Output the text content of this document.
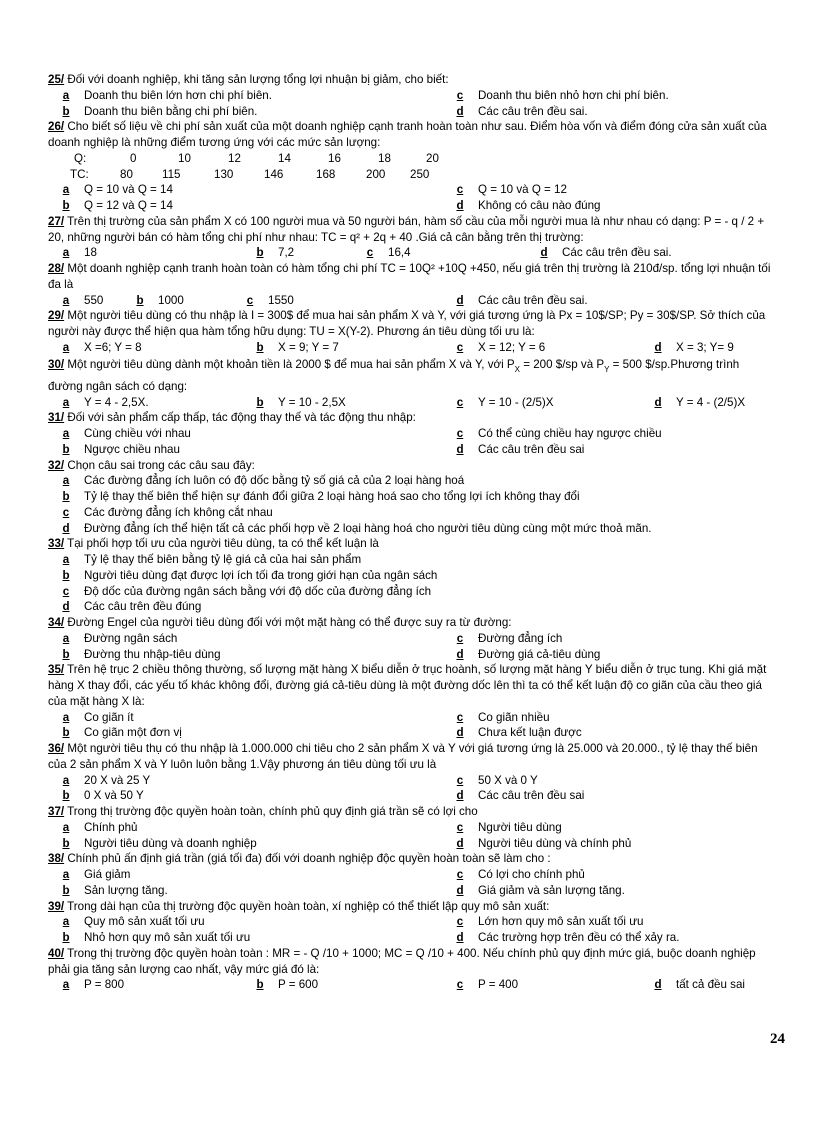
25/ Đối với doanh nghiệp, khi tăng sản lượng tổng lợi nhuận bị giảm, cho biết:
a	Doanh thu biên lớn hơn chi phí biên.	c	Doanh thu biên nhỏ hơn chi phí biên.
b	Doanh thu biên bằng chi phí biên.	d	Các câu trên đều sai.
26/ Cho biết số liệu về chi phí sản xuất của một doanh nghiệp cạnh tranh hoàn toàn như sau. Điểm hòa vốn và điểm đóng cửa sản xuất của doanh nghiệp là những điểm tương ứng với các mức sản lượng:
Q:	0	10	12	14	16	18	20
TC:	80	115	130	146	168	200	250
a	Q = 10 và Q = 14	c	Q = 10 và Q = 12
b	Q = 12 và Q = 14	d	Không có câu nào đúng
27/ Trên thị trường của sản phẩm X có 100 người mua và 50 người bán, hàm số cầu của mỗi người mua là như nhau có dạng: P = - q / 2 + 20, những người bán có hàm tổng chi phí như nhau: TC = q² + 2q + 40 .Giá cả cân bằng trên thị trường:
a	18	b	7,2	c	16,4	d	Các câu trên đều sai.
28/ Một doanh nghiệp cạnh tranh hoàn toàn có hàm tổng chi phí TC = 10Q² +10Q +450, nếu giá trên thị trường là 210đ/sp. tổng lợi nhuận tối đa là
a	550	b	1000	c	1550	d	Các câu trên đều sai.
29/ Một người tiêu dùng có thu nhập là I = 300$ để mua hai sản phẩm X và Y, với giá tương ứng là Px = 10$/SP; Py = 30$/SP. Sở thích của người này được thể hiện qua hàm tổng hữu dụng: TU = X(Y-2). Phương án tiêu dùng tối ưu là:
a	X =6; Y = 8	b	X = 9; Y = 7	c	X = 12; Y = 6	d	X = 3; Y= 9
30/ Một người tiêu dùng dành một khoản tiền là 2000 $ để mua hai sản phẩm X và Y, với $P_X = 200$ $/sp và $P_Y = 500$ $/sp.Phương trình đường ngân sách có dạng:
a	Y = 4 - 2,5X.	b	Y = 10 - 2,5X	c	Y = 10 - (2/5)X	d	Y = 4 - (2/5)X
31/ Đối với sản phẩm cấp thấp, tác động thay thế và tác động thu nhập:
a	Cùng chiều với nhau	c	Có thể cùng chiều hay ngược chiều
b	Ngược chiều nhau	d	Các câu trên đều sai
32/ Chọn câu sai trong các câu sau đây:
a Các đường đẳng ích luôn có độ dốc bằng tỷ số giá cả của 2 loại hàng hoá
b Tỷ lệ thay thế biên thể hiện sự đánh đổi giữa 2 loại hàng hoá sao cho tổng lợi ích không thay đổi
c Các đường đẳng ích không cắt nhau
d Đường đẳng ích thể hiện tất cả các phối hợp về 2 loại hàng hoá cho người tiêu dùng cùng một mức thoả mãn.
33/ Tại phối hợp tối ưu của người tiêu dùng, ta có thể kết luận là
a Tỷ lệ thay thế biên bằng tỷ lệ giá cả của hai sản phẩm
b Người tiêu dùng đạt được lợi ích tối đa trong giới hạn của ngân sách
c Độ dốc của đường ngân sách bằng với độ dốc của đường đẳng ích
d Các câu trên đều đúng
34/ Đường Engel của người tiêu dùng đối với một mặt hàng có thể được suy ra từ đường:
a	Đường ngân sách	c	Đường đẳng ích
b	Đường thu nhập-tiêu dùng	d	Đường giá cả-tiêu dùng
35/ Trên hệ trục 2 chiều thông thường, số lượng mặt hàng X biểu diễn ở trục hoành, số lượng mặt hàng Y biểu diễn ở trục tung. Khi giá mặt hàng X thay đổi, các yếu tố khác không đổi, đường giá cả-tiêu dùng là một đường dốc lên thì ta có thể kết luận độ co giãn của cầu theo giá của mặt hàng X là:
a	Co giãn ít	c	Co giãn nhiều
b	Co giãn một đơn vị	d	Chưa kết luận được
36/ Một người tiêu thụ có thu nhập là 1.000.000 chi tiêu cho 2 sản phẩm X và Y với giá tương ứng là 25.000 và 20.000., tỷ lệ thay thế biên của 2 sản phẩm X và Y luôn luôn bằng 1.Vậy phương án tiêu dùng tối ưu là
a	20 X và 25 Y	c	50 X và 0 Y
b	0 X và 50 Y	d	Các câu trên đều sai
37/ Trong thị trường độc quyền hoàn toàn, chính phủ quy định giá trần sẽ có lợi cho
a	Chính phủ	c	Người tiêu dùng
b	Người tiêu dùng và doanh nghiệp	d	Người tiêu dùng và chính phủ
38/ Chính phủ ấn định giá trần (giá tối đa) đối với doanh nghiệp độc quyền hoàn toàn sẽ làm cho :
a	Giá giảm	c	Có lợi cho chính phủ
b	Sản lượng tăng.	d	Giá giảm và sản lượng tăng.
39/ Trong dài hạn của thị trường độc quyền hoàn toàn, xí nghiệp có thể thiết lập quy mô sản xuất:
a	Quy mô sản xuất tối ưu	c	Lớn hơn quy mô sản xuất tối ưu
b	Nhỏ hơn quy mô sản xuất tối ưu	d	Các trường hợp trên đều có thể xảy ra.
40/ Trong thị trường độc quyền hoàn toàn : MR = - Q /10 + 1000; MC = Q /10 + 400. Nếu chính phủ quy định mức giá, buộc doanh nghiệp phải gia tăng sản lượng cao nhất, vậy mức giá đó là:
a	P = 800	b	P = 600	c	P = 400	d	tất cả đều sai
24
